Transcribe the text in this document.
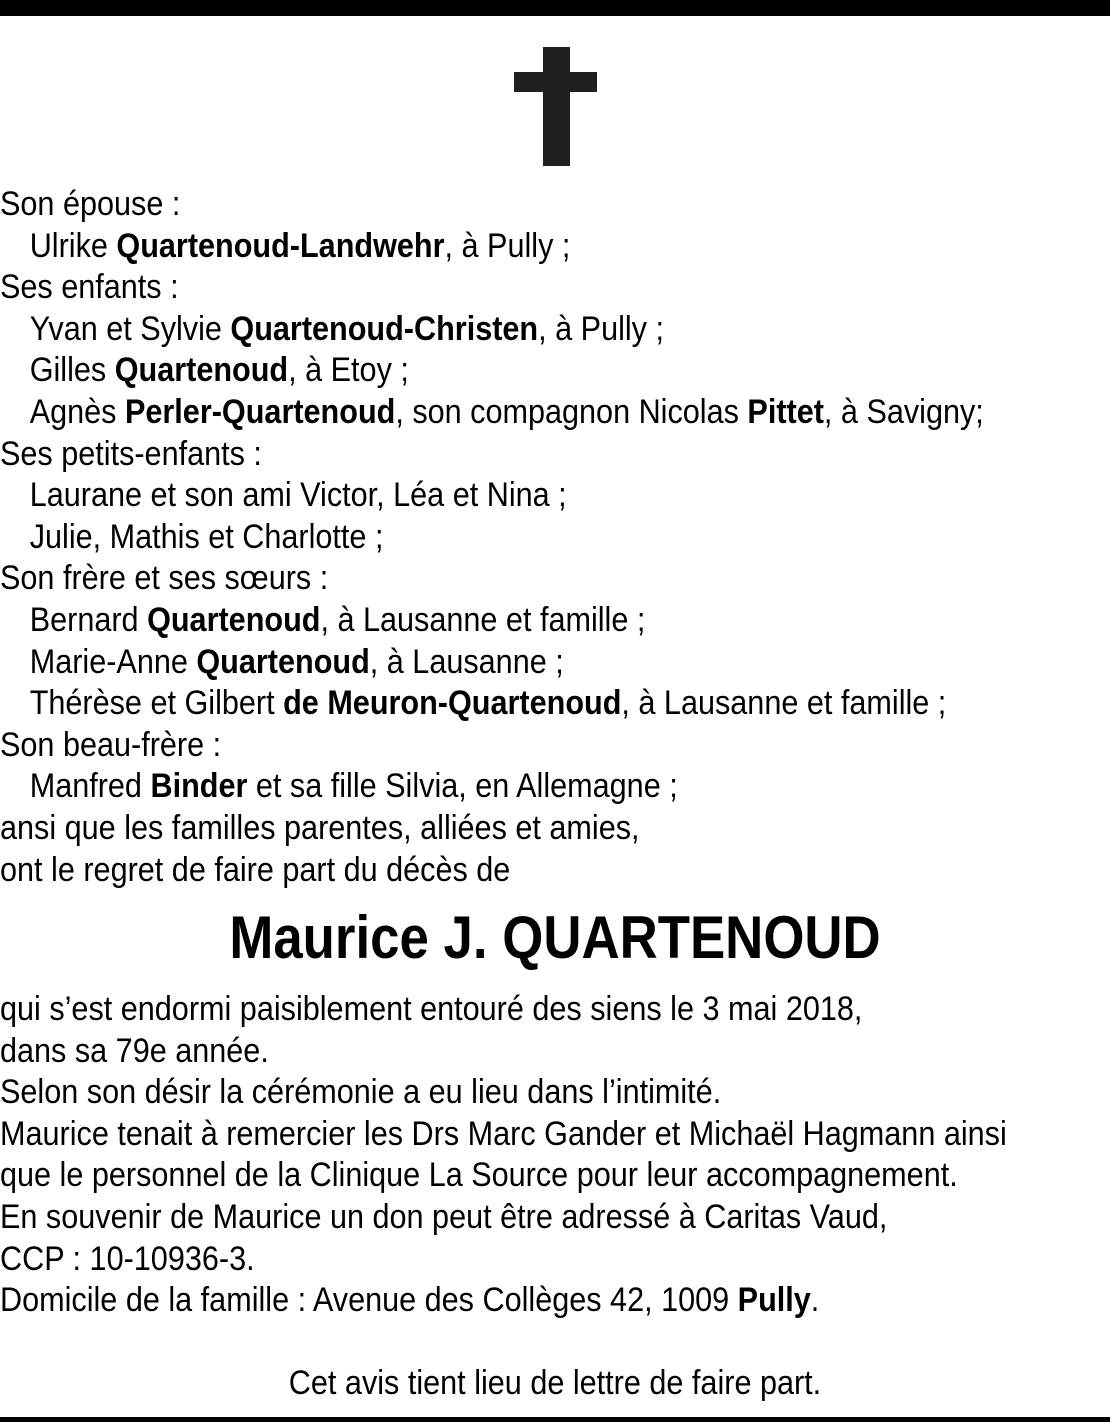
Son épouse :
Ulrike Quartenoud-Landwehr, à Pully ;
Ses enfants :
Yvan et Sylvie Quartenoud-Christen, à Pully ;
Gilles Quartenoud, à Etoy ;
Agnès Perler-Quartenoud, son compagnon Nicolas Pittet, à Savigny;
Ses petits-enfants :
Laurane et son ami Victor, Léa et Nina ;
Julie, Mathis et Charlotte ;
Son frère et ses sœurs :
Bernard Quartenoud, à Lausanne et famille ;
Marie-Anne Quartenoud, à Lausanne ;
Thérèse et Gilbert de Meuron-Quartenoud, à Lausanne et famille ;
Son beau-frère :
Manfred Binder et sa fille Silvia, en Allemagne ;
ansi que les familles parentes, alliées et amies,
ont le regret de faire part du décès de
Maurice J. QUARTENOUD
qui s’est endormi paisiblement entouré des siens le 3 mai 2018,
dans sa 79e année.
Selon son désir la cérémonie a eu lieu dans l’intimité.
Maurice tenait à remercier les Drs Marc Gander et Michaël Hagmann ainsi
que le personnel de la Clinique La Source pour leur accompagnement.
En souvenir de Maurice un don peut être adressé à Caritas Vaud,
CCP : 10-10936-3.
Domicile de la famille : Avenue des Collèges 42, 1009 Pully.
Cet avis tient lieu de lettre de faire part.
